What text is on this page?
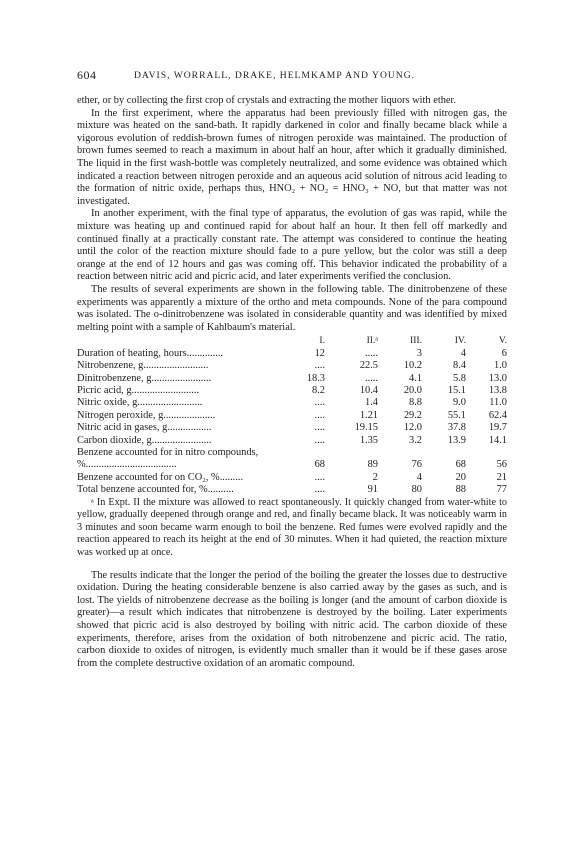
604	DAVIS, WORRALL, DRAKE, HELMKAMP AND YOUNG.

ether, or by collecting the first crop of crystals and extracting the mother liquors with ether.

In the first experiment, where the apparatus had been previously filled with nitrogen gas, the mixture was heated on the sand-bath. It rapidly darkened in color and finally became black while a vigorous evolution of reddish-brown fumes of nitrogen peroxide was maintained. The production of brown fumes seemed to reach a maximum in about half an hour, after which it gradually diminished. The liquid in the first wash-bottle was completely neutralized, and some evidence was obtained which indicated a reaction between nitrogen peroxide and an aqueous acid solution of nitrous acid leading to the formation of nitric oxide, perhaps thus, HNO₂ + NO₂ = HNO₃ + NO, but that matter was not investigated.

In another experiment, with the final type of apparatus, the evolution of gas was rapid, while the mixture was heating up and continued rapid for about half an hour. It then fell off markedly and continued finally at a practically constant rate. The attempt was considered to continue the heating until the color of the reaction mixture should fade to a pure yellow, but the color was still a deep orange at the end of 12 hours and gas was coming off. This behavior indicated the probability of a reaction between nitric acid and picric acid, and later experiments verified the conclusion.

The results of several experiments are shown in the following table. The dinitrobenzene of these experiments was apparently a mixture of the ortho and meta compounds. None of the para compound was isolated. The o-dinitrobenzene was isolated in considerable quantity and was identified by mixed melting point with a sample of Kahlbaum's material.

	I.	II.ᵃ	III.	IV.	V.
Duration of heating, hours..............	12	.....	3	4	6
Nitrobenzene, g.........................	....	22.5	10.2	8.4	1.0
Dinitrobenzene, g.......................	18.3	.....	4.1	5.8	13.0
Picric acid, g..........................	8.2	10.4	20.0	15.1	13.8
Nitric oxide, g.........................	....	1.4	8.8	9.0	11.0
Nitrogen peroxide, g....................	....	1.21	29.2	55.1	62.4
Nitric acid in gases, g.................	....	19.15	12.0	37.8	19.7
Carbon dioxide, g.......................	....	1.35	3.2	13.9	14.1
Benzene accounted for in nitro compounds,					
%...................................	68	89	76	68	56
Benzene accounted for on CO₂, %.........	....	2	4	20	21
Total benzene accounted for, %..........	....	91	80	88	77

ᵃ In Expt. II the mixture was allowed to react spontaneously. It quickly changed from water-white to yellow, gradually deepened through orange and red, and finally became black. It was noticeably warm in 3 minutes and soon became warm enough to boil the benzene. Red fumes were evolved rapidly and the reaction appeared to reach its height at the end of 30 minutes. When it had quieted, the reaction mixture was worked up at once.

The results indicate that the longer the period of the boiling the greater the losses due to destructive oxidation. During the heating considerable benzene is also carried away by the gases as such, and is lost. The yields of nitrobenzene decrease as the boiling is longer (and the amount of carbon dioxide is greater)—a result which indicates that nitrobenzene is destroyed by the boiling. Later experiments showed that picric acid is also destroyed by boiling with nitric acid. The carbon dioxide of these experiments, therefore, arises from the oxidation of both nitrobenzene and picric acid. The ratio, carbon dioxide to oxides of nitrogen, is evidently much smaller than it would be if these gases arose from the complete destructive oxidation of an aromatic compound.
